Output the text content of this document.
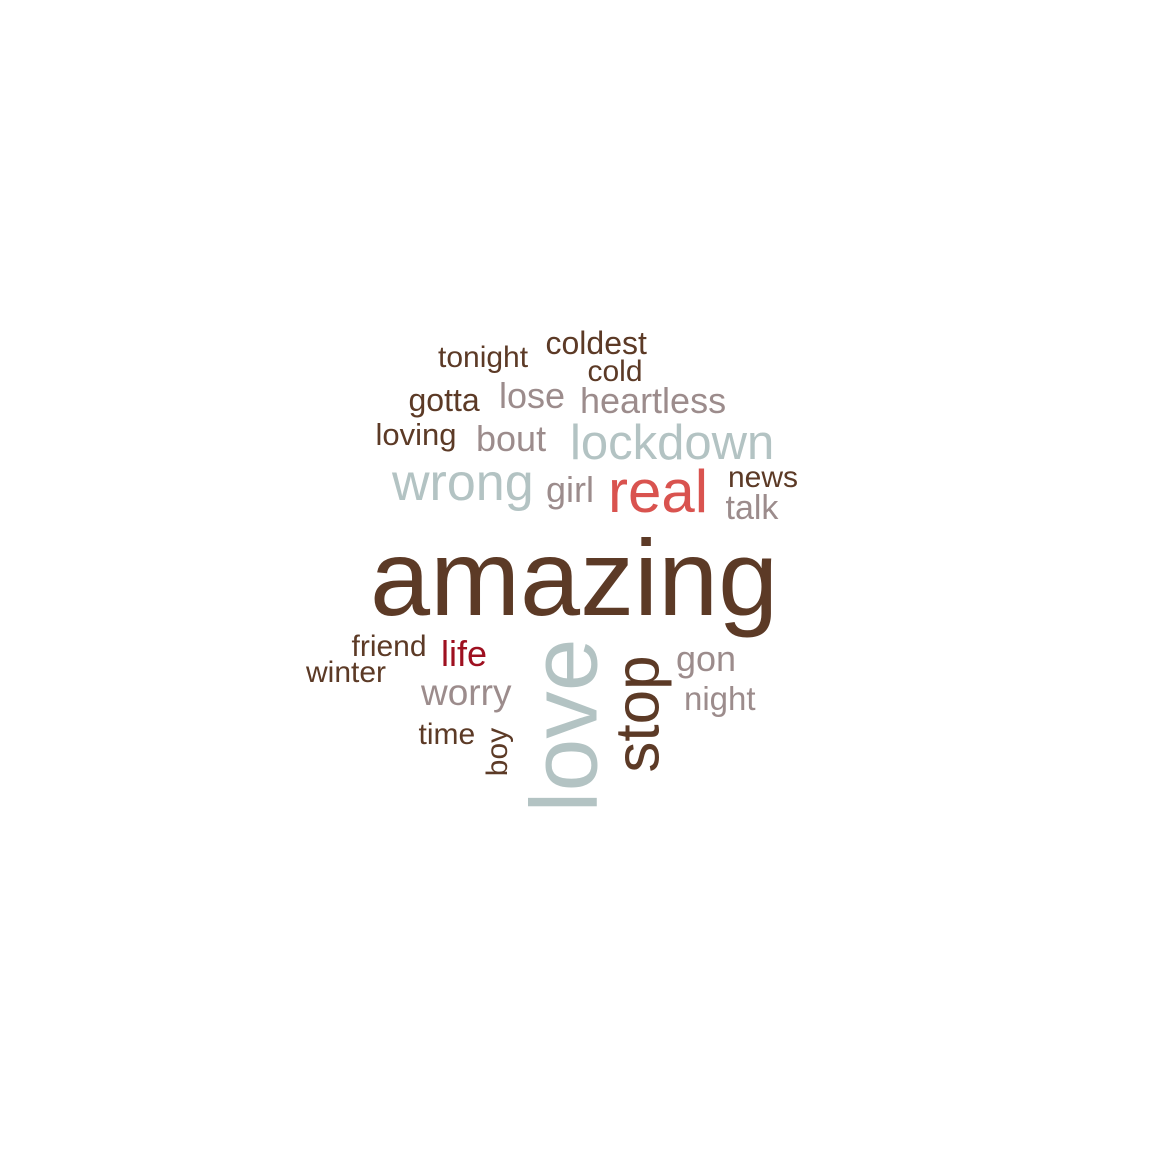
amazing
love
stop
real
lockdown
wrong
heartless
worry
gon
life
lose
bout
girl	talk
night
coldest
cold
tonight
gotta
loving
news
friend
winter
time boy
